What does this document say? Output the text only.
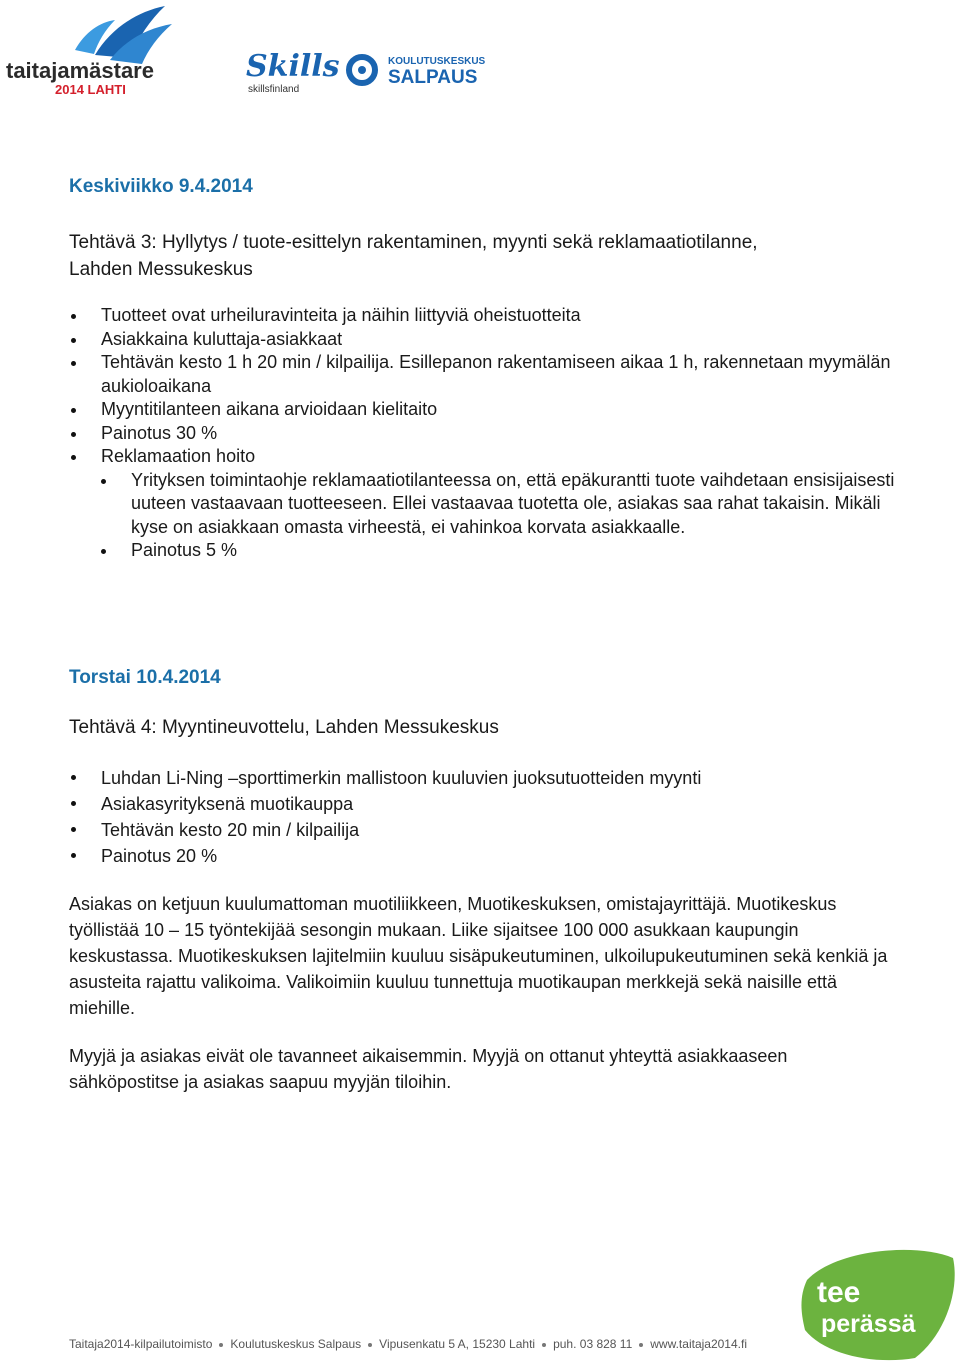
taitajamästare
2014 LAHTI
Skills
skillsfinland
KOULUTUSKESKUS
SALPAUS
Keskiviikko 9.4.2014
Tehtävä 3: Hyllytys / tuote-esittelyn rakentaminen, myynti sekä reklamaatiotilanne,
Lahden Messukeskus
Tuotteet ovat urheiluravinteita ja näihin liittyviä oheistuotteita
Asiakkaina kuluttaja-asiakkaat
Tehtävän kesto 1 h 20 min / kilpailija. Esillepanon rakentamiseen aikaa 1 h, rakennetaan myymälän aukioloaikana
Myyntitilanteen aikana arvioidaan kielitaito
Painotus 30 %
Reklamaation hoito
Yrityksen toimintaohje reklamaatiotilanteessa on, että epäkurantti tuote vaihdetaan ensisijaisesti uuteen vastaavaan tuotteeseen. Ellei vastaavaa tuotetta ole, asiakas saa rahat takaisin. Mikäli kyse on asiakkaan omasta virheestä, ei vahinkoa korvata asiakkaalle.
Painotus 5 %
Torstai 10.4.2014
Tehtävä 4: Myyntineuvottelu, Lahden Messukeskus
Luhdan Li-Ning –sporttimerkin mallistoon kuuluvien juoksutuotteiden myynti
Asiakasyrityksenä muotikauppa
Tehtävän kesto 20 min / kilpailija
Painotus 20 %

Asiakas on ketjuun kuulumattoman muotiliikkeen, Muotikeskuksen, omistajayrittäjä. Muotikeskus työllistää 10 – 15 työntekijää sesongin mukaan. Liike sijaitsee 100 000 asukkaan kaupungin keskustassa. Muotikeskuksen lajitelmiin kuuluu sisäpukeutuminen, ulkoilupukeutuminen sekä kenkiä ja asusteita rajattu valikoima. Valikoimiin kuuluu tunnettuja muotikaupan merkkejä sekä naisille että miehille.

Myyjä ja asiakas eivät ole tavanneet aikaisemmin. Myyjä on ottanut yhteyttä asiakkaaseen sähköpostitse ja asiakas saapuu myyjän tiloihin.

tee
perässä
Taitaja2014-kilpailutoimisto Koulutuskeskus Salpaus Vipusenkatu 5 A, 15230 Lahti puh. 03 828 11 www.taitaja2014.fi
